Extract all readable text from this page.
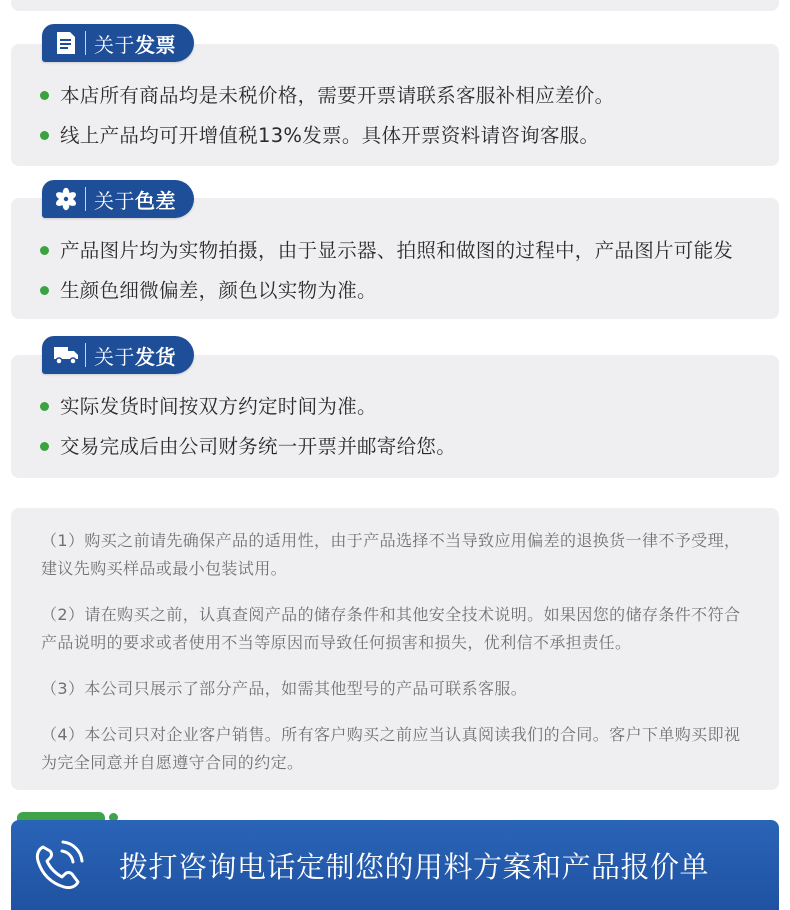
关于 发票
本店所有商品均是未税价格，需要开票请联系客服补相应差价。
线上产品均可开增值税13%发票。具体开票资料请咨询客服。
关于 色差
产品图片均为实物拍摄，由于显示器、拍照和做图的过程中，产品图片可能发
生颜色细微偏差，颜色以实物为准。
关于 发货
实际发货时间按双方约定时间为准。
交易完成后由公司财务统一开票并邮寄给您。
（1）购买之前请先确保产品的适用性，由于产品选择不当导致应用偏差的退换货一律不予受理，建议先购买样品或最小包装试用。
（2）请在购买之前，认真查阅产品的储存条件和其他安全技术说明。如果因您的储存条件不符合产品说明的要求或者使用不当等原因而导致任何损害和损失，优利信不承担责任。
（3）本公司只展示了部分产品，如需其他型号的产品可联系客服。
（4）本公司只对企业客户销售。所有客户购买之前应当认真阅读我们的合同。客户下单购买即视为完全同意并自愿遵守合同的约定。
拨打咨询电话定制您的用料方案和产品报价单
